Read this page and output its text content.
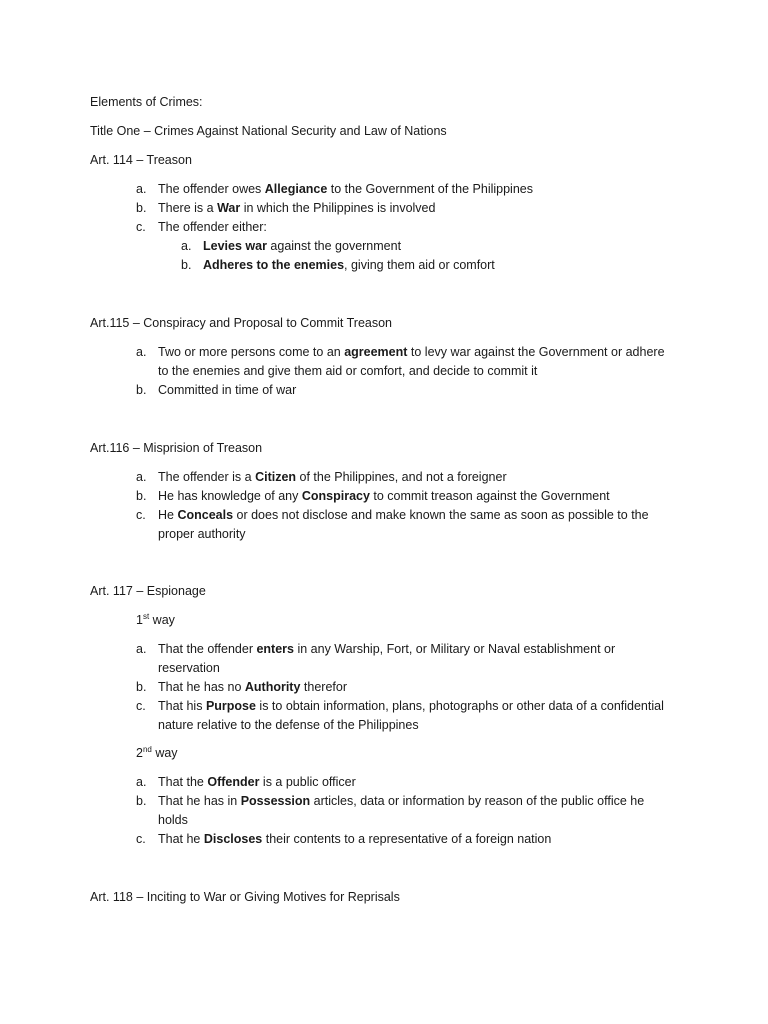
Elements of Crimes:
Title One – Crimes Against National Security and Law of Nations
Art. 114 – Treason
a. The offender owes Allegiance to the Government of the Philippines
b. There is a War in which the Philippines is involved
c. The offender either:
a. Levies war against the government
b. Adheres to the enemies, giving them aid or comfort
Art.115 – Conspiracy and Proposal to Commit Treason
a. Two or more persons come to an agreement to levy war against the Government or adhere
to the enemies and give them aid or comfort, and decide to commit it
b. Committed in time of war
Art.116 – Misprision of Treason
a. The offender is a Citizen of the Philippines, and not a foreigner
b. He has knowledge of any Conspiracy to commit treason against the Government
c. He Conceals or does not disclose and make known the same as soon as possible to the
proper authority
Art. 117 – Espionage
1st way
a. That the offender enters in any Warship, Fort, or Military or Naval establishment or
reservation
b. That he has no Authority therefor
c. That his Purpose is to obtain information, plans, photographs or other data of a confidential
nature relative to the defense of the Philippines
2nd way
a. That the Offender is a public officer
b. That he has in Possession articles, data or information by reason of the public office he
holds
c. That he Discloses their contents to a representative of a foreign nation
Art. 118 – Inciting to War or Giving Motives for Reprisals
